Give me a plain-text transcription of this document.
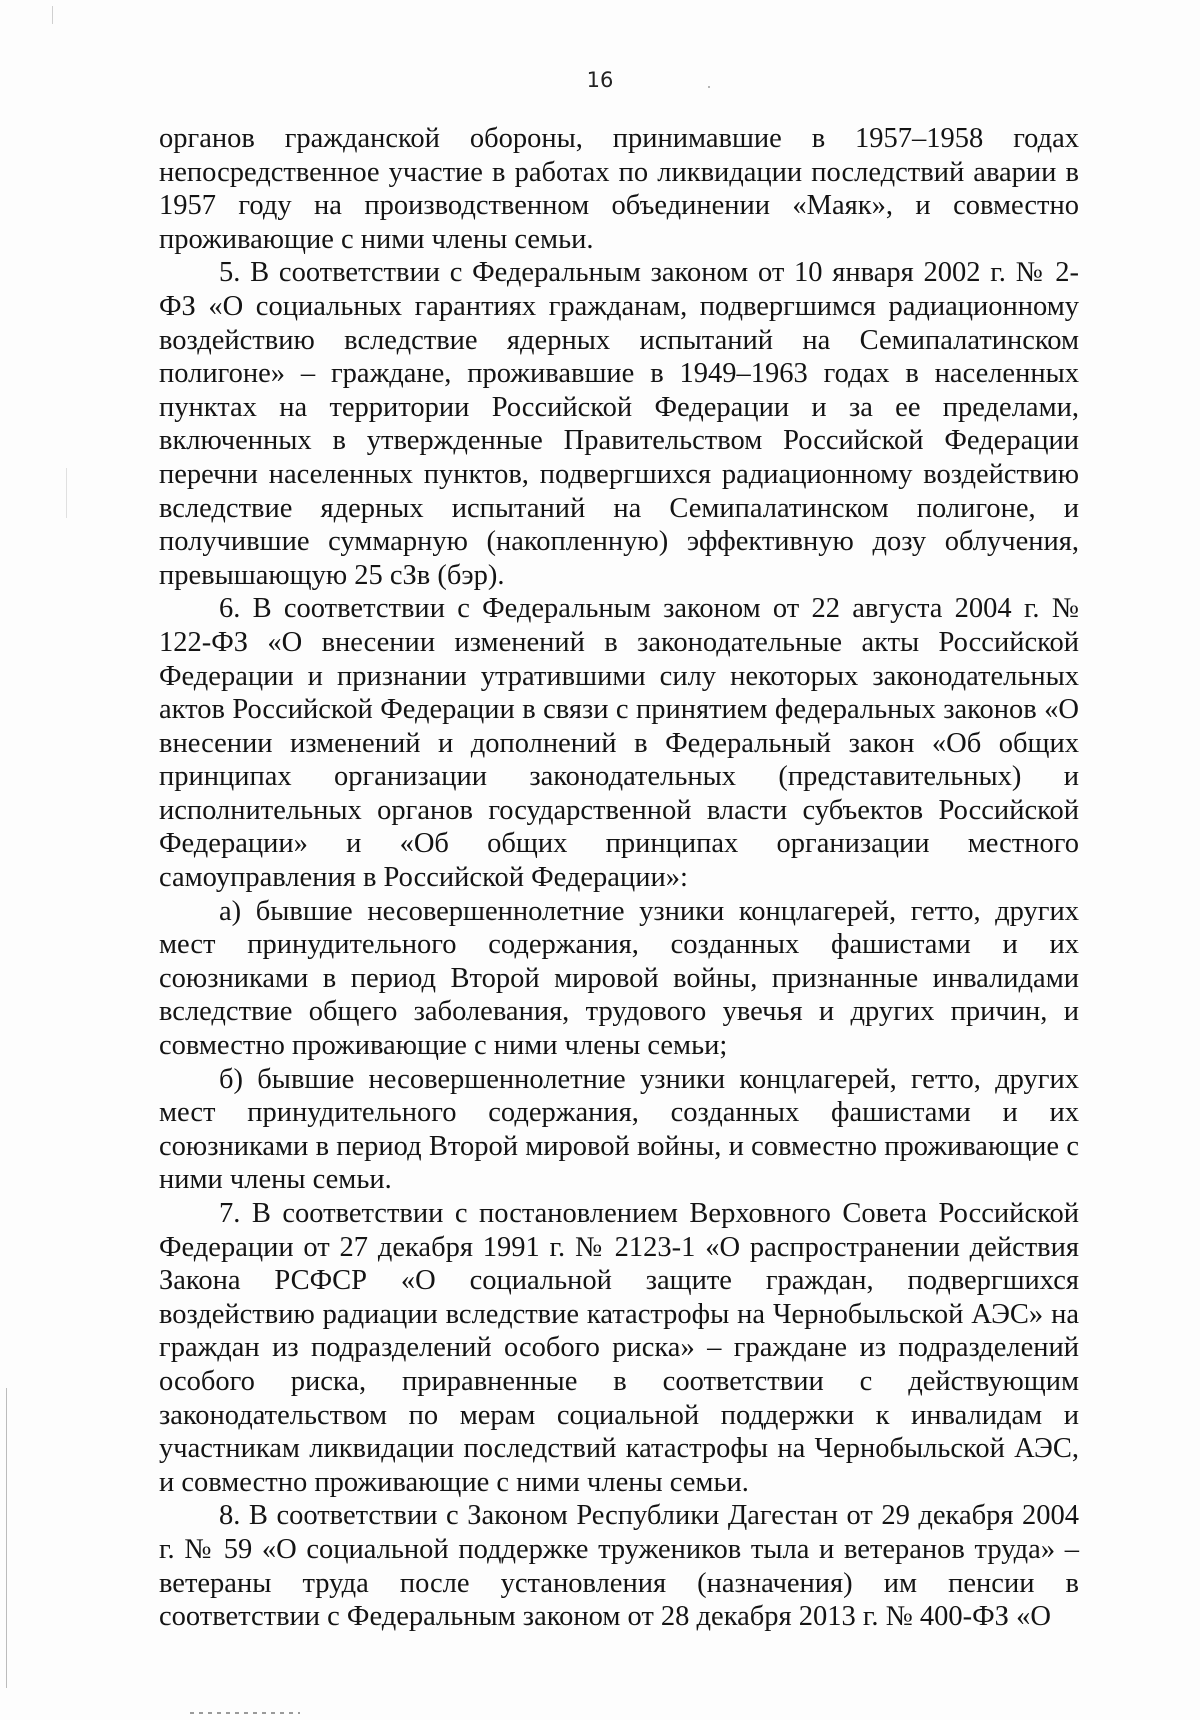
16

органов гражданской обороны, принимавшие в 1957–1958 годах непосредственное участие в работах по ликвидации последствий аварии в 1957 году на производственном объединении «Маяк», и совместно проживающие с ними члены семьи.

5. В соответствии с Федеральным законом от 10 января 2002 г. № 2-ФЗ «О социальных гарантиях гражданам, подвергшимся радиационному воздействию вследствие ядерных испытаний на Семипалатинском полигоне» – граждане, проживавшие в 1949–1963 годах в населенных пунктах на территории Российской Федерации и за ее пределами, включенных в утвержденные Правительством Российской Федерации перечни населенных пунктов, подвергшихся радиационному воздействию вследствие ядерных испытаний на Семипалатинском полигоне, и получившие суммарную (накопленную) эффективную дозу облучения, превышающую 25 сЗв (бэр).

6. В соответствии с Федеральным законом от 22 августа 2004 г. № 122-ФЗ «О внесении изменений в законодательные акты Российской Федерации и признании утратившими силу некоторых законодательных актов Российской Федерации в связи с принятием федеральных законов «О внесении изменений и дополнений в Федеральный закон «Об общих принципах организации законодательных (представительных) и исполнительных органов государственной власти субъектов Российской Федерации» и «Об общих принципах организации местного самоуправления в Российской Федерации»:

а) бывшие несовершеннолетние узники концлагерей, гетто, других мест принудительного содержания, созданных фашистами и их союзниками в период Второй мировой войны, признанные инвалидами вследствие общего заболевания, трудового увечья и других причин, и совместно проживающие с ними члены семьи;

б) бывшие несовершеннолетние узники концлагерей, гетто, других мест принудительного содержания, созданных фашистами и их союзниками в период Второй мировой войны, и совместно проживающие с ними члены семьи.

7. В соответствии с постановлением Верховного Совета Российской Федерации от 27 декабря 1991 г. № 2123-1 «О распространении действия Закона РСФСР «О социальной защите граждан, подвергшихся воздействию радиации вследствие катастрофы на Чернобыльской АЭС» на граждан из подразделений особого риска» – граждане из подразделений особого риска, приравненные в соответствии с действующим законодательством по мерам социальной поддержки к инвалидам и участникам ликвидации последствий катастрофы на Чернобыльской АЭС, и совместно проживающие с ними члены семьи.

8. В соответствии с Законом Республики Дагестан от 29 декабря 2004 г. № 59 «О социальной поддержке тружеников тыла и ветеранов труда» – ветераны труда после установления (назначения) им пенсии в соответствии с Федеральным законом от 28 декабря 2013 г. № 400-ФЗ «О
